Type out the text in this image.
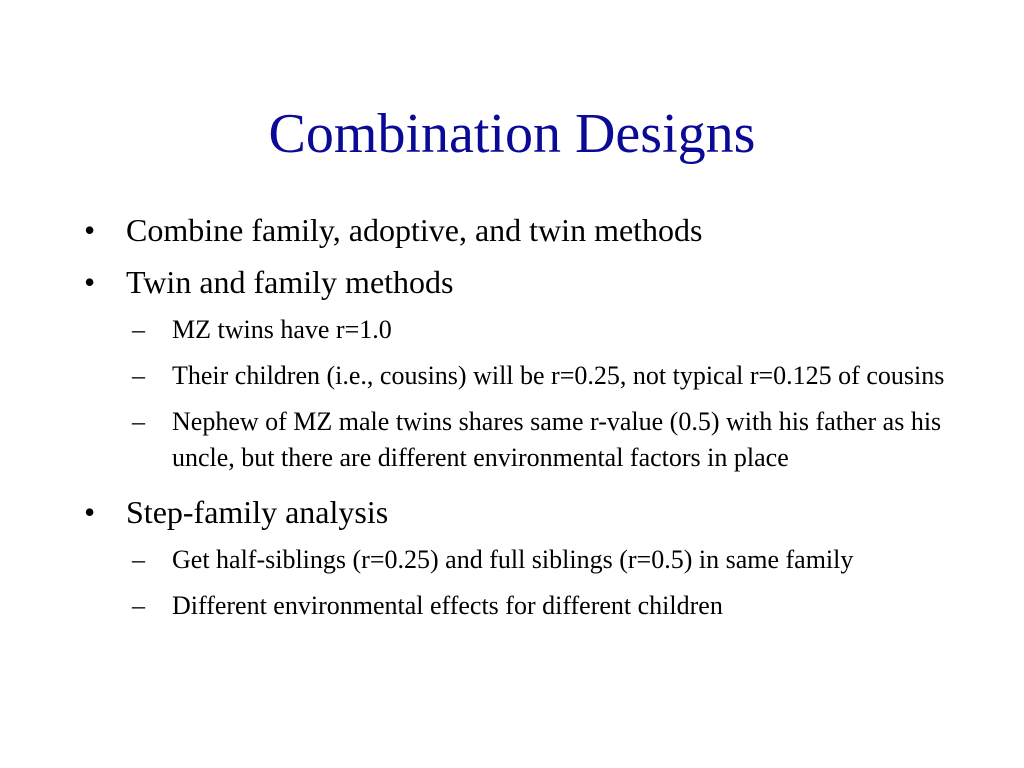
Combination Designs
• Combine family, adoptive, and twin methods
• Twin and family methods
– MZ twins have r=1.0
– Their children (i.e., cousins) will be r=0.25, not typical r=0.125 of cousins
– Nephew of MZ male twins shares same r-value (0.5) with his father as his uncle, but there are different environmental factors in place
• Step-family analysis
– Get half-siblings (r=0.25) and full siblings (r=0.5) in same family
– Different environmental effects for different children
